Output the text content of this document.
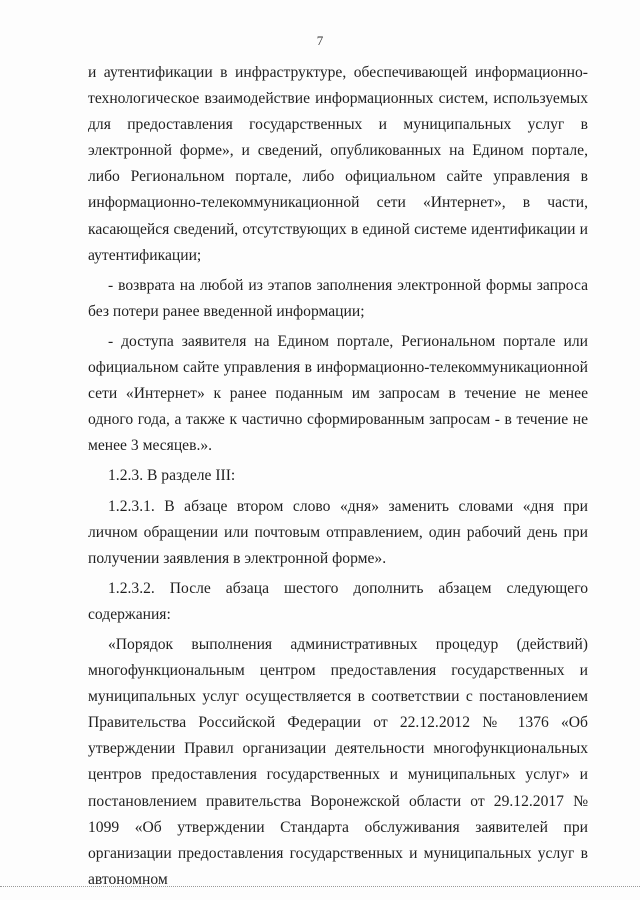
7

и аутентификации в инфраструктуре, обеспечивающей информационно-технологическое взаимодействие информационных систем, используемых для предоставления государственных и муниципальных услуг в электронной форме», и сведений, опубликованных на Едином портале, либо Региональном портале, либо официальном сайте управления в информационно-телекоммуникационной сети «Интернет», в части, касающейся сведений, отсутствующих в единой системе идентификации и аутентификации;

- возврата на любой из этапов заполнения электронной формы запроса без потери ранее введенной информации;

- доступа заявителя на Едином портале, Региональном портале или официальном сайте управления в информационно-телекоммуникационной сети «Интернет» к ранее поданным им запросам в течение не менее одного года, а также к частично сформированным запросам - в течение не менее 3 месяцев.».

1.2.3. В разделе III:

1.2.3.1. В абзаце втором слово «дня» заменить словами «дня при личном обращении или почтовым отправлением, один рабочий день при получении заявления в электронной форме».

1.2.3.2. После абзаца шестого дополнить абзацем следующего содержания:

«Порядок выполнения административных процедур (действий) многофункциональным центром предоставления государственных и муниципальных услуг осуществляется в соответствии с постановлением Правительства Российской Федерации от 22.12.2012 № 1376 «Об утверждении Правил организации деятельности многофункциональных центров предоставления государственных и муниципальных услуг» и постановлением правительства Воронежской области от 29.12.2017 № 1099 «Об утверждении Стандарта обслуживания заявителей при организации предоставления государственных и муниципальных услуг в автономном
